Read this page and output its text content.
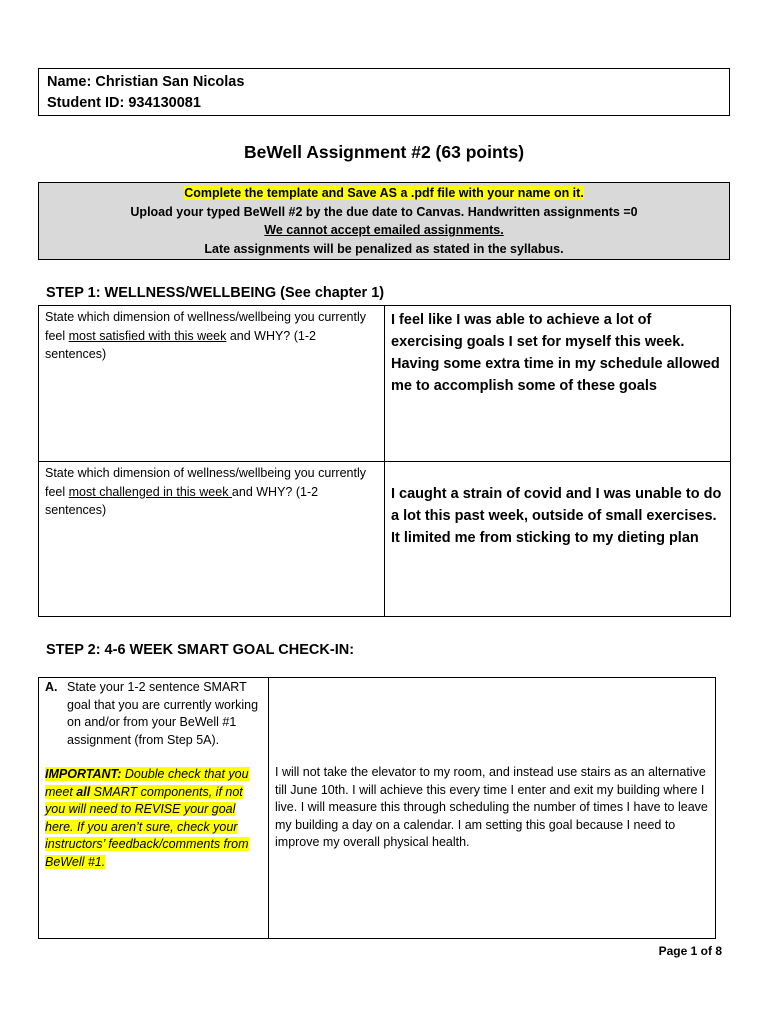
Name: Christian San Nicolas
Student ID: 934130081
BeWell Assignment #2 (63 points)
Complete the template and Save AS a .pdf file with your name on it.
Upload your typed BeWell #2 by the due date to Canvas. Handwritten assignments =0
We cannot accept emailed assignments.
Late assignments will be penalized as stated in the syllabus.
STEP 1: WELLNESS/WELLBEING (See chapter 1)
State which dimension of wellness/wellbeing you currently feel most satisfied with this week and WHY? (1-2 sentences)	I feel like I was able to achieve a lot of exercising goals I set for myself this week. Having some extra time in my schedule allowed me to accomplish some of these goals
State which dimension of wellness/wellbeing you currently feel most challenged in this week and WHY? (1-2 sentences)	I caught a strain of covid and I was unable to do a lot this past week, outside of small exercises. It limited me from sticking to my dieting plan
STEP 2: 4-6 WEEK SMART GOAL CHECK-IN:
A. State your 1-2 sentence SMART goal that you are currently working on and/or from your BeWell #1 assignment (from Step 5A).
IMPORTANT: Double check that you meet all SMART components, if not you will need to REVISE your goal here. If you aren’t sure, check your instructors’ feedback/comments from BeWell #1.
	I will not take the elevator to my room, and instead use stairs as an alternative till June 10th. I will achieve this every time I enter and exit my building where I live. I will measure this through scheduling the number of times I have to leave my building a day on a calendar. I am setting this goal because I need to improve my overall physical health.
Page 1 of 8
